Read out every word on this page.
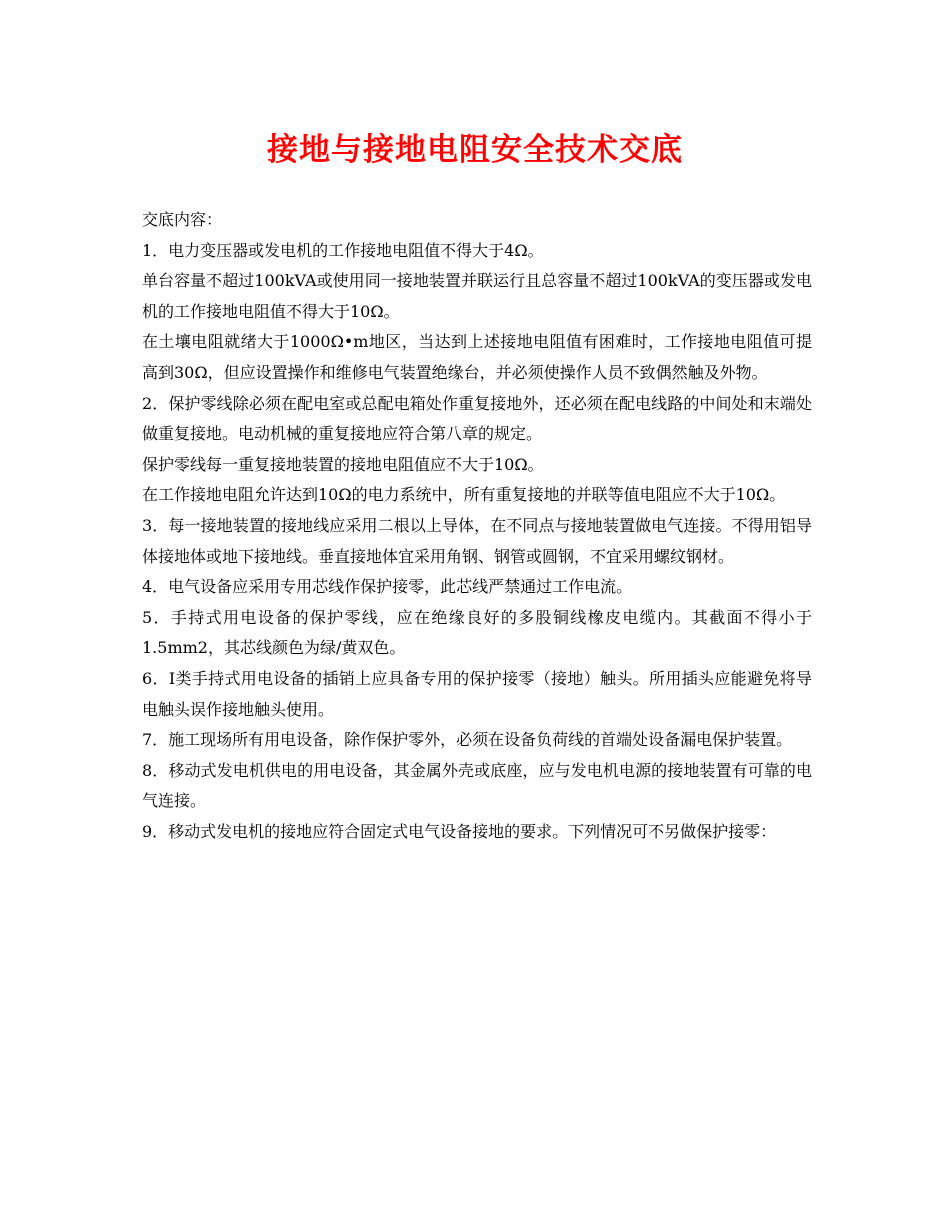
接地与接地电阻安全技术交底

交底内容：

1．电力变压器或发电机的工作接地电阻值不得大于4Ω。

单台容量不超过100kVA或使用同一接地装置并联运行且总容量不超过100kVA的变压器或发电机的工作接地电阻值不得大于10Ω。

在土壤电阻就绪大于1000Ω•m地区，当达到上述接地电阻值有困难时，工作接地电阻值可提高到30Ω，但应设置操作和维修电气装置绝缘台，并必须使操作人员不致偶然触及外物。

2．保护零线除必须在配电室或总配电箱处作重复接地外，还必须在配电线路的中间处和末端处做重复接地。电动机械的重复接地应符合第八章的规定。

保护零线每一重复接地装置的接地电阻值应不大于10Ω。

在工作接地电阻允许达到10Ω的电力系统中，所有重复接地的并联等值电阻应不大于10Ω。

3．每一接地装置的接地线应采用二根以上导体，在不同点与接地装置做电气连接。不得用铝导体接地体或地下接地线。垂直接地体宜采用角钢、钢管或圆钢，不宜采用螺纹钢材。

4．电气设备应采用专用芯线作保护接零，此芯线严禁通过工作电流。

5．手持式用电设备的保护零线，应在绝缘良好的多股铜线橡皮电缆内。其截面不得小于1.5mm2，其芯线颜色为绿/黄双色。

6．Ⅰ类手持式用电设备的插销上应具备专用的保护接零（接地）触头。所用插头应能避免将导电触头误作接地触头使用。

7．施工现场所有用电设备，除作保护零外，必须在设备负荷线的首端处设备漏电保护装置。

8．移动式发电机供电的用电设备，其金属外壳或底座，应与发电机电源的接地装置有可靠的电气连接。

9．移动式发电机的接地应符合固定式电气设备接地的要求。下列情况可不另做保护接零：
